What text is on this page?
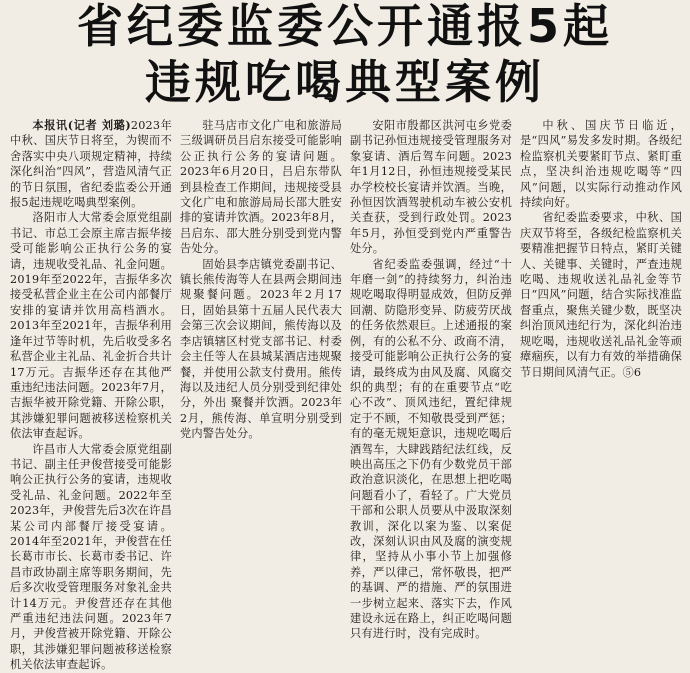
省纪委监委公开通报5起
违规吃喝典型案例

本报讯(记者 刘璐)2023年中秋、国庆节日将至，为锲而不舍落实中央八项规定精神，持续深化纠治“四风”，营造风清气正的节日氛围，省纪委监委公开通报5起违规吃喝典型案例。

洛阳市人大常委会原党组副书记、市总工会原主席吉振华接受可能影响公正执行公务的宴请，违规收受礼品、礼金问题。2019年至2022年，吉振华多次接受私营企业主在公司内部餐厅安排的宴请并饮用高档酒水。2013年至2021年，吉振华利用逢年过节等时机，先后收受多名私营企业主礼品、礼金折合共计17万元。吉振华还存在其他严重违纪违法问题。2023年7月，吉振华被开除党籍、开除公职，其涉嫌犯罪问题被移送检察机关依法审查起诉。

许昌市人大常委会原党组副书记、副主任尹俊营接受可能影响公正执行公务的宴请，违规收受礼品、礼金问题。2022年至2023年，尹俊营先后3次在许昌某公司内部餐厅接受宴请。2014年至2021年，尹俊营在任长葛市市长、长葛市委书记、许昌市政协副主席等职务期间，先后多次收受管理服务对象礼金共计14万元。尹俊营还存在其他严重违纪违法问题。2023年7月，尹俊营被开除党籍、开除公职，其涉嫌犯罪问题被移送检察机关依法审查起诉。

驻马店市文化广电和旅游局三级调研员吕启东接受可能影响公正执行公务的宴请问题。2023年6月20日，吕启东带队到县检查工作期间，违规接受县文化广电和旅游局局长邵大胜安排的宴请并饮酒。2023年8月，吕启东、邵大胜分别受到党内警告处分。

固始县李店镇党委副书记、镇长熊传海等人在县两会期间违规聚餐问题。2023年2月17日，固始县第十五届人民代表大会第三次会议期间，熊传海以及李店镇辖区村党支部书记、村委会主任等人在县城某酒店违规聚餐，并使用公款支付费用。熊传海以及违纪人员分别受到纪律处分，外出 聚餐并饮酒。2023年2月，熊传海、单宣明分别受到党内警告处分。

安阳市殷都区洪河屯乡党委副书记孙恒违规接受管理服务对象宴请、酒后驾车问题。2023年1月12日，孙恒违规接受某民办学校校长宴请并饮酒。当晚，孙恒因饮酒驾驶机动车被公安机关查获，受到行政处罚。2023年5月，孙恒受到党内严重警告处分。

省纪委监委强调，经过“十年磨一剑”的持续努力，纠治违规吃喝取得明显成效，但防反弹回潮、防隐形变异、防疲劳厌战的任务依然艰巨。上述通报的案例，有的公私不分、政商不清，接受可能影响公正执行公务的宴请，最终成为由风及腐、风腐交织的典型；有的在重要节点“吃心不改”、顶风违纪，置纪律规定于不顾，不知敬畏受到严惩；有的毫无规矩意识，违规吃喝后酒驾车，大肆践踏纪法红线，反映出高压之下仍有少数党员干部政治意识淡化，在思想上把吃喝问题看小了，看轻了。广大党员干部和公职人员要从中汲取深刻教训，深化以案为鉴、以案促改，深刻认识由风及腐的演变规律，坚持从小事小节上加强修养，严以律己，常怀敬畏，把严的基调、严的措施、严的氛围进一步树立起来、落实下去，作风建设永远在路上，纠正吃喝问题只有进行时，没有完成时。

中秋、国庆节日临近，是“四风”易发多发时期。各级纪检监察机关要紧盯节点、紧盯重点，坚决纠治违规吃喝等“四风”问题，以实际行动推动作风持续向好。

省纪委监委要求，中秋、国庆双节将至，各级纪检监察机关要精准把握节日特点，紧盯关键人、关键事、关键时，严查违规吃喝、违规收送礼品礼金等节日“四风”问题，结合实际找准监督重点，聚焦关键少数，既坚决纠治顶风违纪行为，深化纠治违规吃喝，违规收送礼品礼金等顽瘴痼疾，以有力有效的举措确保节日期间风清气正。⑤6
